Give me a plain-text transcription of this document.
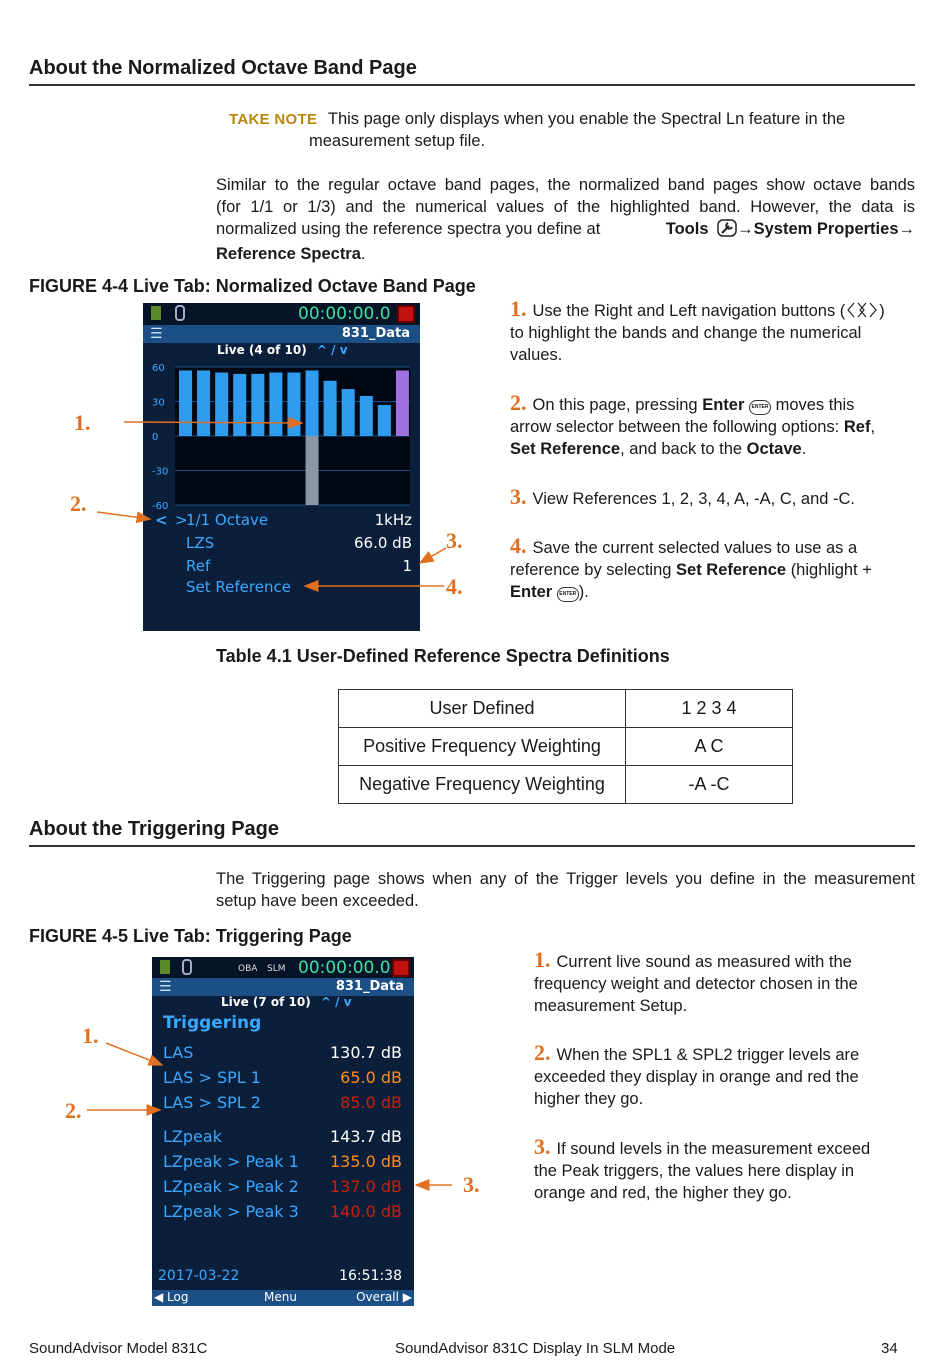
About the Normalized Octave Band Page
TAKE NOTE This page only displays when you enable the Spectral Ln feature in the
measurement setup file.
Similar to the regular octave band pages, the normalized band pages show octave bands
(for 1/1 or 1/3) and the numerical values of the highlighted band. However, the data is
normalized using the reference spectra you define at	Tools →System Properties→
Reference Spectra.
FIGURE 4-4 Live Tab: Normalized Octave Band Page
00:00:00.0
☰	831_Data
Live (4 of 10) ^ / v
60
30
0
-30
-60
< >
1/1 Octave	1kHz
LZS	66.0 dB
Ref	1
Set Reference
1.
2.
3.
4.
1. Use the Right and Left navigation buttons ( )
to highlight the bands and change the numerical
values.
2. On this page, pressing Enter ENTER moves this
arrow selector between the following options: Ref,
Set Reference, and back to the Octave.
3. View References 1, 2, 3, 4, A, -A, C, and -C.
4. Save the current selected values to use as a
reference by selecting Set Reference (highlight +
Enter ENTER ).
Table 4.1 User-Defined Reference Spectra Definitions
User Defined	1 2 3 4
Positive Frequency Weighting	A C
Negative Frequency Weighting	-A -C
About the Triggering Page
The Triggering page shows when any of the Trigger levels you define in the measurement
setup have been exceeded.
FIGURE 4-5 Live Tab: Triggering Page
OBA SLM 00:00:00.0
☰	831_Data
Live (7 of 10) ^ / v
Triggering
LAS	130.7 dB
LAS > SPL 1	65.0 dB
LAS > SPL 2	85.0 dB
LZpeak	143.7 dB
LZpeak > Peak 1 135.0 dB
LZpeak > Peak 2 137.0 dB
LZpeak > Peak 3 140.0 dB
2017-03-22	16:51:38
◀ Log	Menu	Overall ▶
1.
2.
3.
1. Current live sound as measured with the
frequency weight and detector chosen in the
measurement Setup.
2. When the SPL1 & SPL2 trigger levels are
exceeded they display in orange and red the
higher they go.
3. If sound levels in the measurement exceed
the Peak triggers, the values here display in
orange and red, the higher they go.
SoundAdvisor Model 831C	SoundAdvisor 831C Display In SLM Mode	34
